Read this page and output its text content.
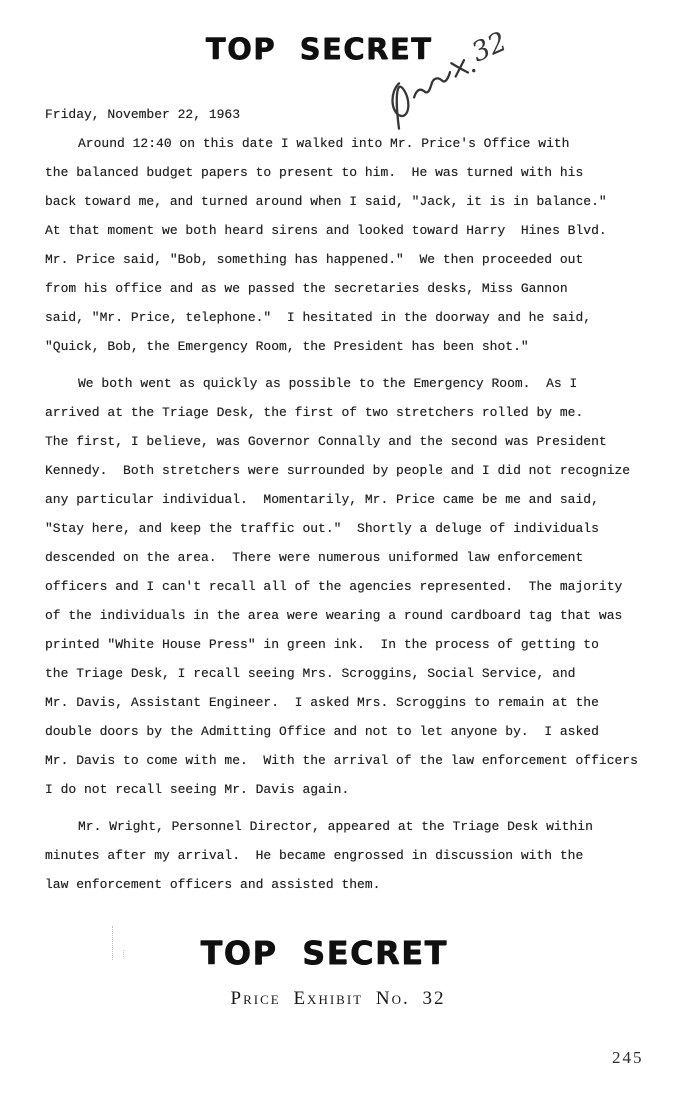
TOP SECRET	32
Friday, November 22, 1963
Around 12:40 on this date I walked into Mr. Price's Office with
the balanced budget papers to present to him.  He was turned with his
back toward me, and turned around when I said, "Jack, it is in balance."
At that moment we both heard sirens and looked toward Harry  Hines Blvd.
Mr. Price said, "Bob, something has happened."  We then proceeded out
from his office and as we passed the secretaries desks, Miss Gannon
said, "Mr. Price, telephone."  I hesitated in the doorway and he said,
"Quick, Bob, the Emergency Room, the President has been shot."
We both went as quickly as possible to the Emergency Room.  As I
arrived at the Triage Desk, the first of two stretchers rolled by me.
The first, I believe, was Governor Connally and the second was President
Kennedy.  Both stretchers were surrounded by people and I did not recognize
any particular individual.  Momentarily, Mr. Price came be me and said,
"Stay here, and keep the traffic out."  Shortly a deluge of individuals
descended on the area.  There were numerous uniformed law enforcement
officers and I can't recall all of the agencies represented.  The majority
of the individuals in the area were wearing a round cardboard tag that was
printed "White House Press" in green ink.  In the process of getting to
the Triage Desk, I recall seeing Mrs. Scroggins, Social Service, and
Mr. Davis, Assistant Engineer.  I asked Mrs. Scroggins to remain at the
double doors by the Admitting Office and not to let anyone by.  I asked
Mr. Davis to come with me.  With the arrival of the law enforcement officers
I do not recall seeing Mr. Davis again.
Mr. Wright, Personnel Director, appeared at the Triage Desk within
minutes after my arrival.  He became engrossed in discussion with the
law enforcement officers and assisted them.
TOP SECRET
Price Exhibit No. 32
245
